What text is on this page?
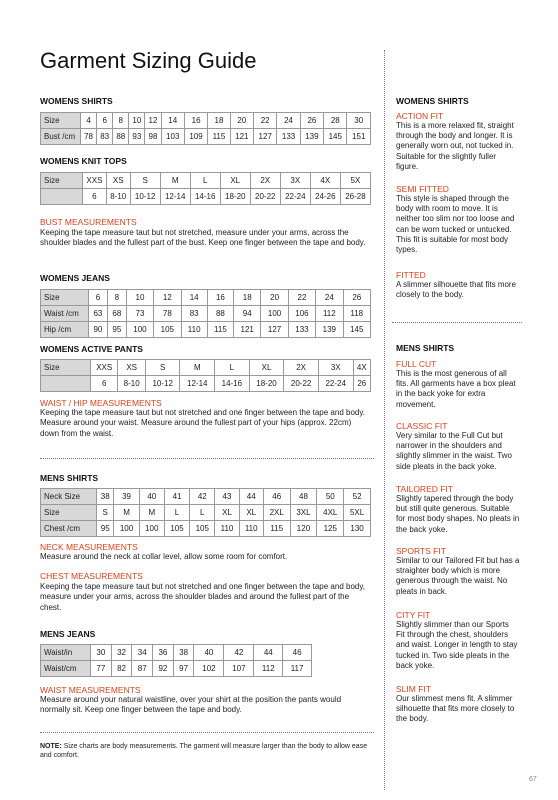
Garment Sizing Guide
WOMENS SHIRTS
Size	4	6	8	10	12	14	16	18	20	22	24	26	28	30
Bust /cm	78	83	88	93	98	103	109	115	121	127	133	139	145	151
WOMENS KNIT TOPS
Size	XXS	XS	S	M	L	XL	2X	3X	4X	5X
	6	8-10	10-12	12-14	14-16	18-20	20-22	22-24	24-26	26-28
BUST MEASUREMENTS
Keeping the tape measure taut but not stretched, measure under your arms, across the shoulder blades and the fullest part of the bust. Keep one finger between the tape and body.
WOMENS JEANS
Size	6	8	10	12	14	16	18	20	22	24	26
Waist /cm	63	68	73	78	83	88	94	100	106	112	118
Hip /cm	90	95	100	105	110	115	121	127	133	139	145
WOMENS ACTIVE PANTS
Size	XXS	XS	S	M	L	XL	2X	3X	4X
	6	8-10	10-12	12-14	14-16	18-20	20-22	22-24	26
WAIST / HIP MEASUREMENTS
Keeping the tape measure taut but not stretched and one finger between the tape and body. Measure around your waist. Measure around the fullest part of your hips (approx. 22cm) down from the waist.
MENS SHIRTS
Neck Size	38	39	40	41	42	43	44	46	48	50	52
Size	S	M	M	L	L	XL	XL	2XL	3XL	4XL	5XL
Chest /cm	95	100	100	105	105	110	110	115	120	125	130
NECK MEASUREMENTS
Measure around the neck at collar level, allow some room for comfort.
CHEST MEASUREMENTS
Keeping the tape measure taut but not stretched and one finger between the tape and body, measure under your arms, across the shoulder blades and around the fullest part of the chest.
MENS JEANS
Waist/in	30	32	34	36	38	40	42	44	46
Waist/cm	77	82	87	92	97	102	107	112	117
WAIST MEASUREMENTS
Measure around your natural waistline, over your shirt at the position the pants would normally sit. Keep one finger between the tape and body.
NOTE: Size charts are body measurements. The garment will measure larger than the body to allow ease and comfort.
WOMENS SHIRTS
ACTION FIT
This is a more relaxed fit, straight through the body and longer. It is generally worn out, not tucked in. Suitable for the slightly fuller figure.
SEMI FITTED
This style is shaped through the body with room to move. It is neither too slim nor too loose and can be worn tucked or untucked. This fit is suitable for most body types.
FITTED
A slimmer silhouette that fits more closely to the body.
MENS SHIRTS
FULL CUT
This is the most generous of all fits. All garments have a box pleat in the back yoke for extra movement.
CLASSIC FIT
Very similar to the Full Cut but narrower in the shoulders and slightly slimmer in the waist. Two side pleats in the back yoke.
TAILORED FIT
Slightly tapered through the body but still quite generous. Suitable for most body shapes. No pleats in the back yoke.
SPORTS FIT
Similar to our Tailored Fit but has a straighter body which is more generous through the waist. No pleats in back.
CITY FIT
Slightly slimmer than our Sports Fit through the chest, shoulders and waist. Longer in length to stay tucked in. Two side pleats in the back yoke.
SLIM FIT
Our slimmest mens fit. A slimmer silhouette that fits more closely to the body.
67
